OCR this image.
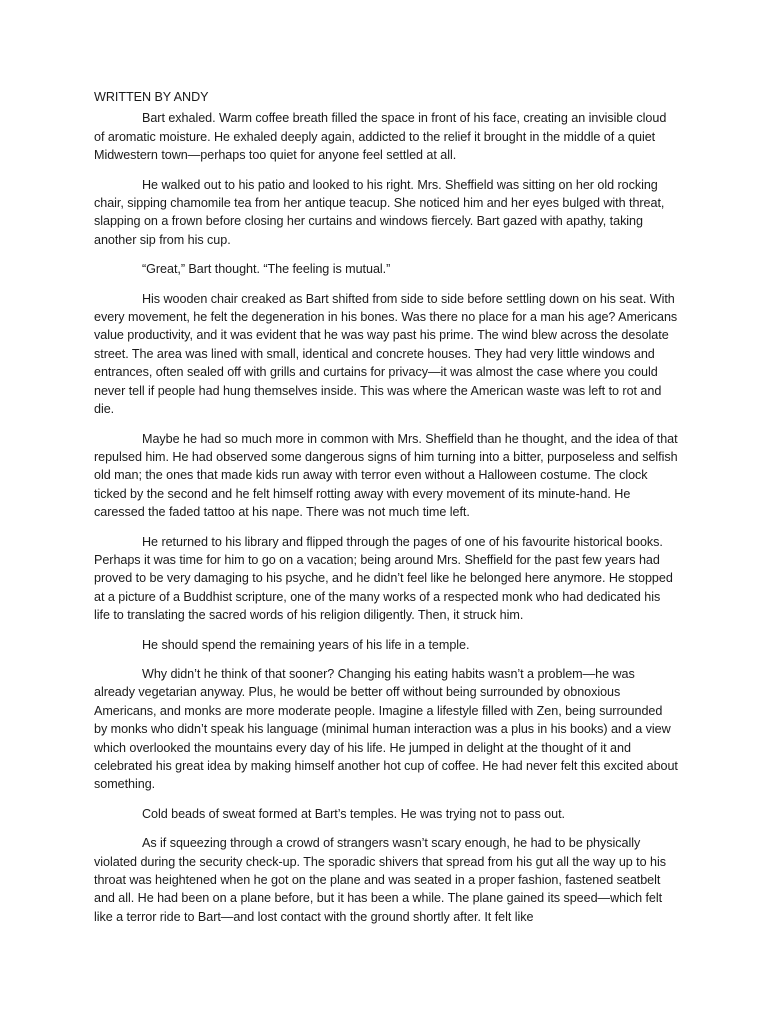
WRITTEN BY ANDY

Bart exhaled. Warm coffee breath filled the space in front of his face, creating an invisible cloud of aromatic moisture. He exhaled deeply again, addicted to the relief it brought in the middle of a quiet Midwestern town—perhaps too quiet for anyone feel settled at all.

He walked out to his patio and looked to his right. Mrs. Sheffield was sitting on her old rocking chair, sipping chamomile tea from her antique teacup. She noticed him and her eyes bulged with threat, slapping on a frown before closing her curtains and windows fiercely. Bart gazed with apathy, taking another sip from his cup.

“Great,” Bart thought. “The feeling is mutual.”

His wooden chair creaked as Bart shifted from side to side before settling down on his seat. With every movement, he felt the degeneration in his bones. Was there no place for a man his age? Americans value productivity, and it was evident that he was way past his prime. The wind blew across the desolate street. The area was lined with small, identical and concrete houses. They had very little windows and entrances, often sealed off with grills and curtains for privacy—it was almost the case where you could never tell if people had hung themselves inside. This was where the American waste was left to rot and die.

Maybe he had so much more in common with Mrs. Sheffield than he thought, and the idea of that repulsed him. He had observed some dangerous signs of him turning into a bitter, purposeless and selfish old man; the ones that made kids run away with terror even without a Halloween costume. The clock ticked by the second and he felt himself rotting away with every movement of its minute-hand. He caressed the faded tattoo at his nape. There was not much time left.

He returned to his library and flipped through the pages of one of his favourite historical books. Perhaps it was time for him to go on a vacation; being around Mrs. Sheffield for the past few years had proved to be very damaging to his psyche, and he didn’t feel like he belonged here anymore. He stopped at a picture of a Buddhist scripture, one of the many works of a respected monk who had dedicated his life to translating the sacred words of his religion diligently. Then, it struck him.

He should spend the remaining years of his life in a temple.

Why didn’t he think of that sooner? Changing his eating habits wasn’t a problem—he was already vegetarian anyway. Plus, he would be better off without being surrounded by obnoxious Americans, and monks are more moderate people. Imagine a lifestyle filled with Zen, being surrounded by monks who didn’t speak his language (minimal human interaction was a plus in his books) and a view which overlooked the mountains every day of his life. He jumped in delight at the thought of it and celebrated his great idea by making himself another hot cup of coffee. He had never felt this excited about something.

Cold beads of sweat formed at Bart’s temples. He was trying not to pass out.

As if squeezing through a crowd of strangers wasn’t scary enough, he had to be physically violated during the security check-up. The sporadic shivers that spread from his gut all the way up to his throat was heightened when he got on the plane and was seated in a proper fashion, fastened seatbelt and all. He had been on a plane before, but it has been a while. The plane gained its speed—which felt like a terror ride to Bart—and lost contact with the ground shortly after. It felt like
